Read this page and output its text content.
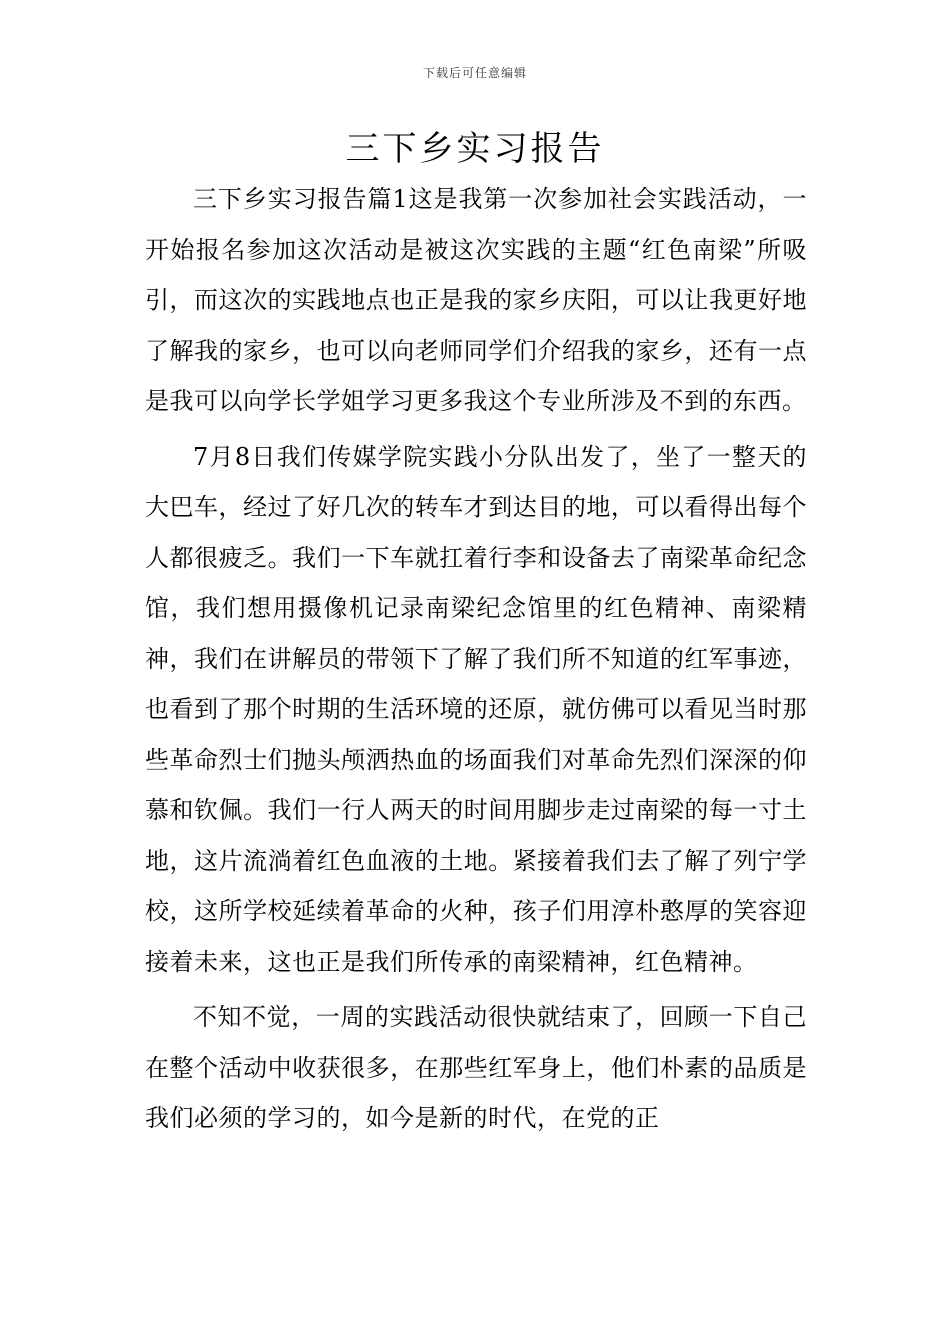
下载后可任意编辑
三下乡实习报告

三下乡实习报告篇1这是我第一次参加社会实践活动，一开始报名参加这次活动是被这次实践的主题“红色南梁”所吸引，而这次的实践地点也正是我的家乡庆阳，可以让我更好地了解我的家乡，也可以向老师同学们介绍我的家乡，还有一点是我可以向学长学姐学习更多我这个专业所涉及不到的东西。

7月8日我们传媒学院实践小分队出发了，坐了一整天的大巴车，经过了好几次的转车才到达目的地，可以看得出每个人都很疲乏。我们一下车就扛着行李和设备去了南梁革命纪念馆，我们想用摄像机记录南梁纪念馆里的红色精神、南梁精神，我们在讲解员的带领下了解了我们所不知道的红军事迹，也看到了那个时期的生活环境的还原，就仿佛可以看见当时那些革命烈士们抛头颅洒热血的场面我们对革命先烈们深深的仰慕和钦佩。我们一行人两天的时间用脚步走过南梁的每一寸土地，这片流淌着红色血液的土地。紧接着我们去了解了列宁学校，这所学校延续着革命的火种，孩子们用淳朴憨厚的笑容迎接着未来，这也正是我们所传承的南梁精神，红色精神。

不知不觉，一周的实践活动很快就结束了，回顾一下自己在整个活动中收获很多，在那些红军身上，他们朴素的品质是我们必须的学习的，如今是新的时代，在党的正
